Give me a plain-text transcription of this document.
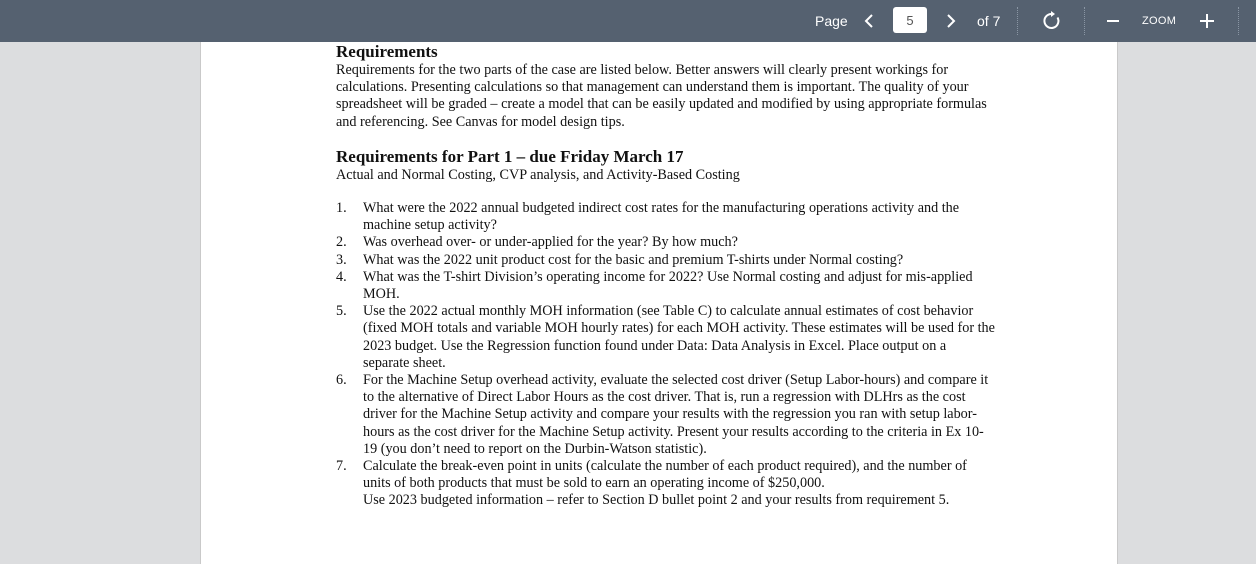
Page
5	of 7	ZOOM
Requirements

Requirements for the two parts of the case are listed below. Better answers will clearly present workings for calculations. Presenting calculations so that management can understand them is important. The quality of your spreadsheet will be graded – create a model that can be easily updated and modified by using appropriate formulas and referencing. See Canvas for model design tips.

Requirements for Part 1 – due Friday March 17

Actual and Normal Costing, CVP analysis, and Activity-Based Costing

1. What were the 2022 annual budgeted indirect cost rates for the manufacturing operations activity and the machine setup activity?
2. Was overhead over- or under-applied for the year? By how much?
3. What was the 2022 unit product cost for the basic and premium T-shirts under Normal costing?
4. What was the T-shirt Division’s operating income for 2022? Use Normal costing and adjust for mis-applied MOH.
5. Use the 2022 actual monthly MOH information (see Table C) to calculate annual estimates of cost behavior (fixed MOH totals and variable MOH hourly rates) for each MOH activity. These estimates will be used for the 2023 budget. Use the Regression function found under Data: Data Analysis in Excel. Place output on a separate sheet.
6. For the Machine Setup overhead activity, evaluate the selected cost driver (Setup Labor-hours) and compare it to the alternative of Direct Labor Hours as the cost driver. That is, run a regression with DLHrs as the cost driver for the Machine Setup activity and compare your results with the regression you ran with setup labor-hours as the cost driver for the Machine Setup activity. Present your results according to the criteria in Ex 10-19 (you don’t need to report on the Durbin-Watson statistic).
7. Calculate the break-even point in units (calculate the number of each product required), and the number of units of both products that must be sold to earn an operating income of $250,000.
Use 2023 budgeted information – refer to Section D bullet point 2 and your results from requirement 5.
